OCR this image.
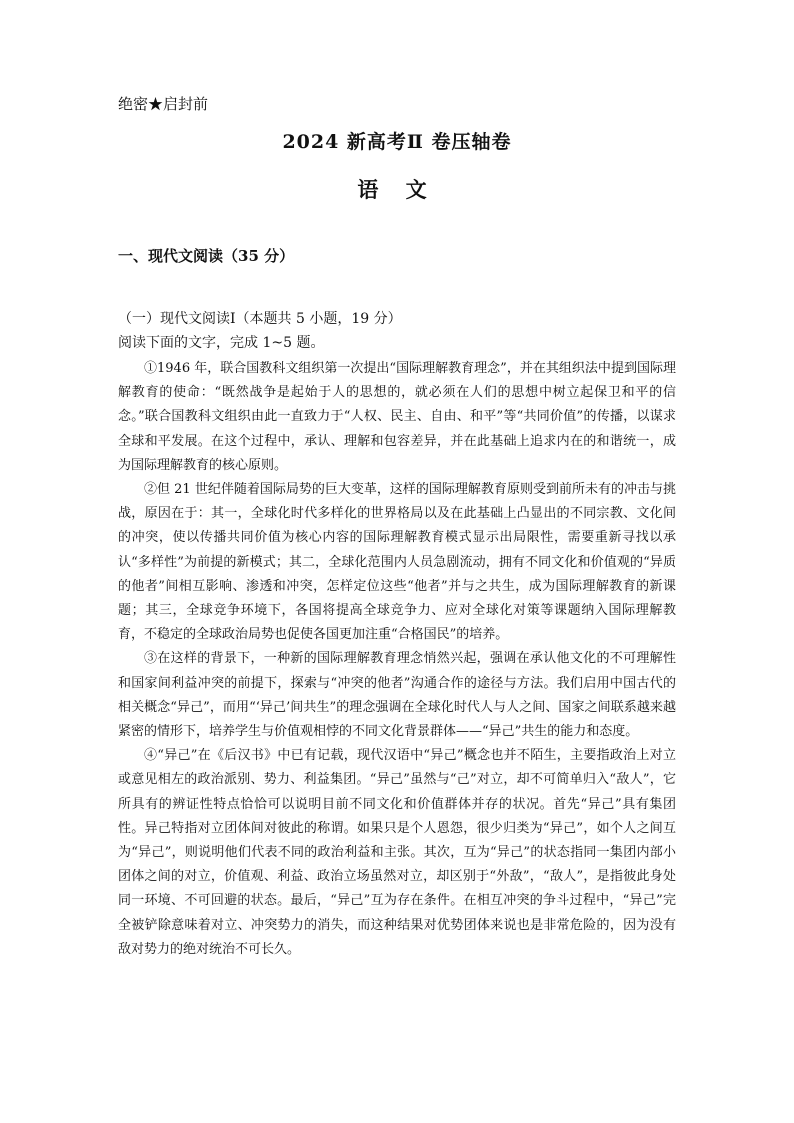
绝密★启封前
2024 新高考Ⅱ 卷压轴卷
语 文
一、现代文阅读（35 分）
（一）现代文阅读Ⅰ（本题共 5 小题，19 分）
阅读下面的文字，完成 1~5 题。

①1946 年，联合国教科文组织第一次提出“国际理解教育理念”，并在其组织法中提到国际理解教育的使命：“既然战争是起始于人的思想的，就必须在人们的思想中树立起保卫和平的信念。”联合国教科文组织由此一直致力于“人权、民主、自由、和平”等“共同价值”的传播，以谋求全球和平发展。在这个过程中，承认、理解和包容差异，并在此基础上追求内在的和谐统一，成为国际理解教育的核心原则。

②但 21 世纪伴随着国际局势的巨大变革，这样的国际理解教育原则受到前所未有的冲击与挑战，原因在于：其一，全球化时代多样化的世界格局以及在此基础上凸显出的不同宗教、文化间的冲突，使以传播共同价值为核心内容的国际理解教育模式显示出局限性，需要重新寻找以承认“多样性”为前提的新模式；其二，全球化范围内人员急剧流动，拥有不同文化和价值观的“异质的他者”间相互影响、渗透和冲突，怎样定位这些“他者”并与之共生，成为国际理解教育的新课题；其三，全球竞争环境下，各国将提高全球竞争力、应对全球化对策等课题纳入国际理解教育，不稳定的全球政治局势也促使各国更加注重“合格国民”的培养。

③在这样的背景下，一种新的国际理解教育理念悄然兴起，强调在承认他文化的不可理解性和国家间利益冲突的前提下，探索与“冲突的他者”沟通合作的途径与方法。我们启用中国古代的相关概念“异己”，而用“‘异己’间共生”的理念强调在全球化时代人与人之间、国家之间联系越来越紧密的情形下，培养学生与价值观相悖的不同文化背景群体——“异己”共生的能力和态度。

④“异己”在《后汉书》中已有记载，现代汉语中“异己”概念也并不陌生，主要指政治上对立或意见相左的政治派别、势力、利益集团。“异己”虽然与“己”对立，却不可简单归入“敌人”，它所具有的辨证性特点恰恰可以说明目前不同文化和价值群体并存的状况。首先“异己”具有集团性。异己特指对立团体间对彼此的称谓。如果只是个人恩怨，很少归类为“异己”，如个人之间互为“异己”，则说明他们代表不同的政治利益和主张。其次，互为“异己”的状态指同一集团内部小团体之间的对立，价值观、利益、政治立场虽然对立，却区别于“外敌”，“敌人”，是指彼此身处同一环境、不可回避的状态。最后，“异己”互为存在条件。在相互冲突的争斗过程中，“异己”完全被铲除意味着对立、冲突势力的消失，而这种结果对优势团体来说也是非常危险的，因为没有敌对势力的绝对统治不可长久。
